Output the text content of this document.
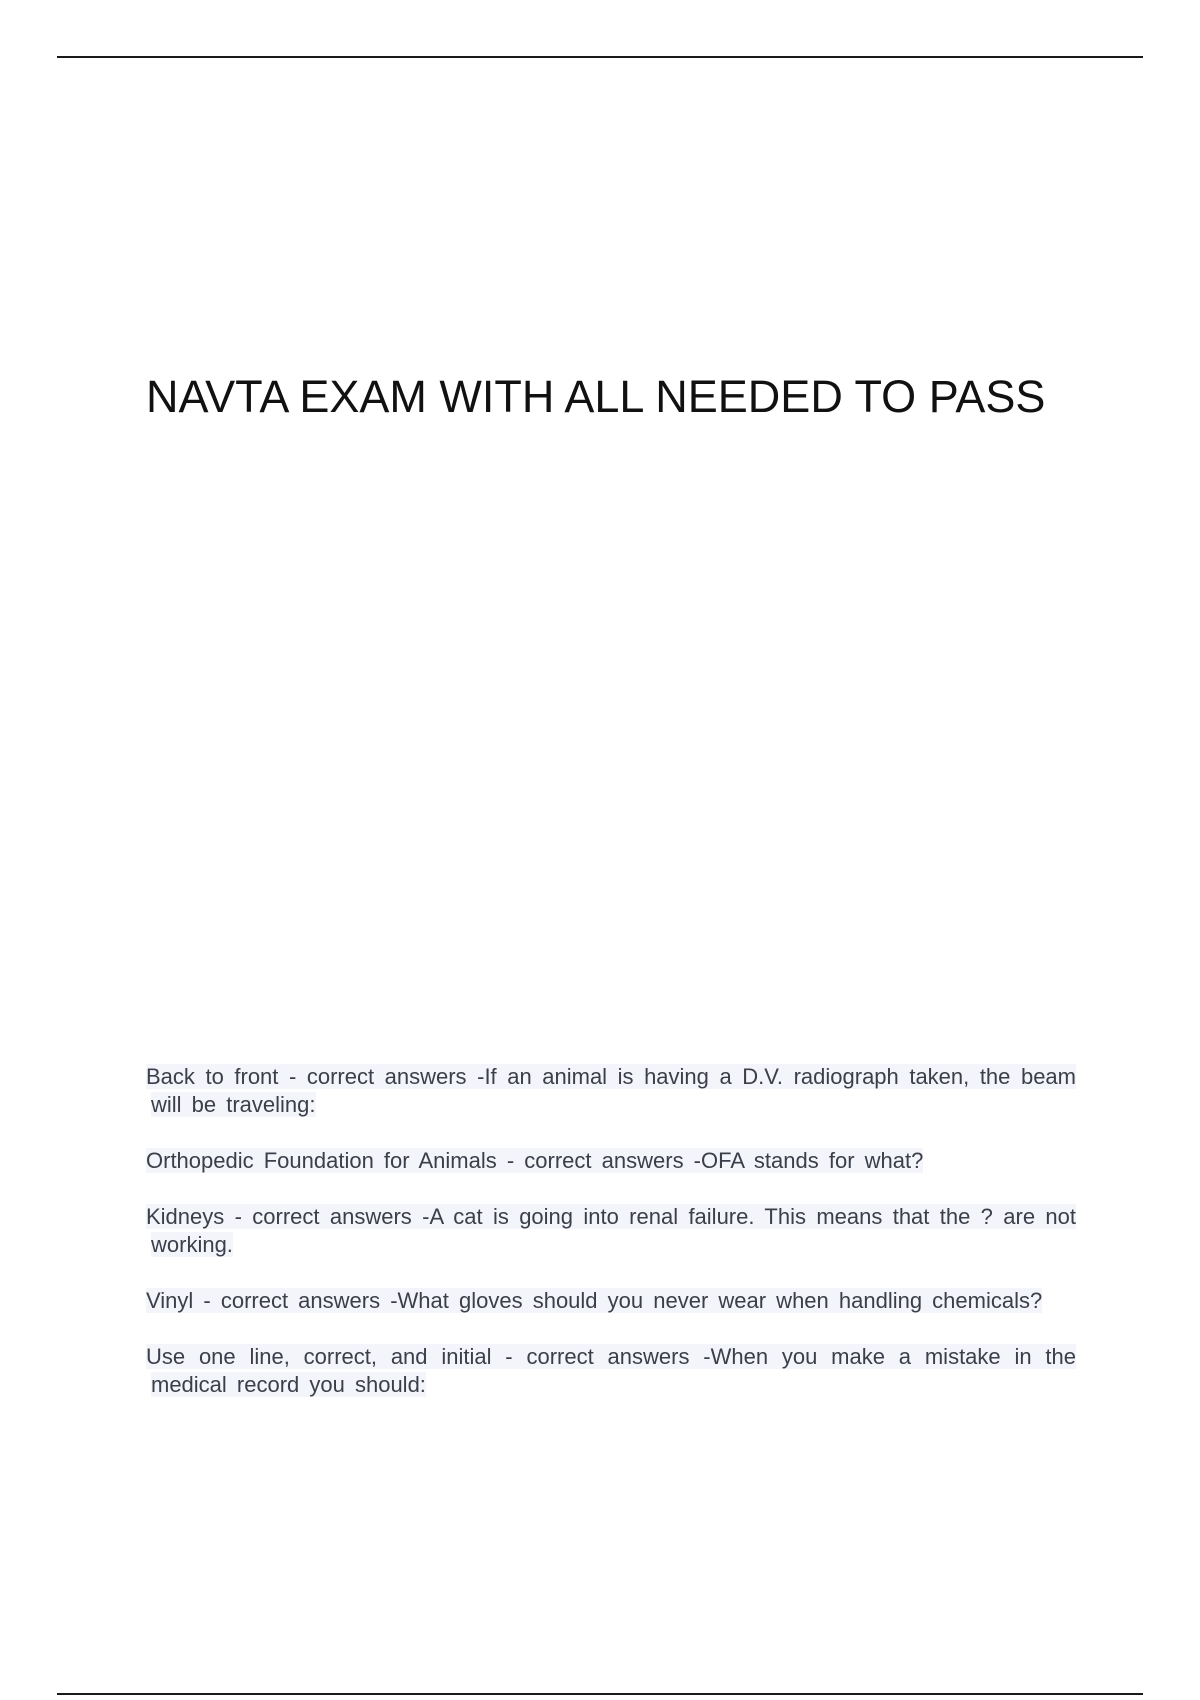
NAVTA EXAM WITH ALL NEEDED TO PASS
Back to front - correct answers -If an animal is having a D.V. radiograph taken, the beam will be traveling:
Orthopedic Foundation for Animals - correct answers -OFA stands for what?
Kidneys - correct answers -A cat is going into renal failure. This means that the ? are not working.
Vinyl - correct answers -What gloves should you never wear when handling chemicals?
Use one line, correct, and initial - correct answers -When you make a mistake in the medical record you should:
